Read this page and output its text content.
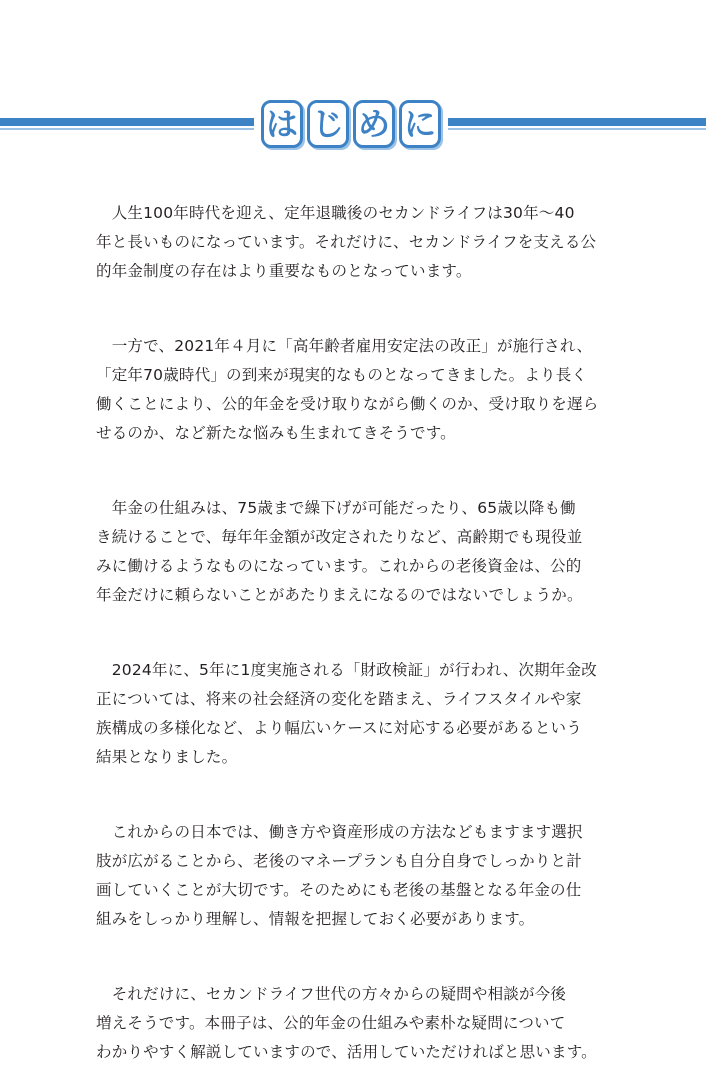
は じ め に

　人生100年時代を迎え、定年退職後のセカンドライフは30年～40
年と長いものになっています。それだけに、セカンドライフを支える公
的年金制度の存在はより重要なものとなっています。

　一方で、2021年４月に「高年齢者雇用安定法の改正」が施行され、
「定年70歳時代」の到来が現実的なものとなってきました。より長く
働くことにより、公的年金を受け取りながら働くのか、受け取りを遅ら
せるのか、など新たな悩みも生まれてきそうです。

　年金の仕組みは、75歳まで繰下げが可能だったり、65歳以降も働
き続けることで、毎年年金額が改定されたりなど、高齢期でも現役並
みに働けるようなものになっています。これからの老後資金は、公的
年金だけに頼らないことがあたりまえになるのではないでしょうか。

　2024年に、5年に1度実施される「財政検証」が行われ、次期年金改
正については、将来の社会経済の変化を踏まえ、ライフスタイルや家
族構成の多様化など、より幅広いケースに対応する必要があるという
結果となりました。

　これからの日本では、働き方や資産形成の方法などもますます選択
肢が広がることから、老後のマネープランも自分自身でしっかりと計
画していくことが大切です。そのためにも老後の基盤となる年金の仕
組みをしっかり理解し、情報を把握しておく必要があります。

　それだけに、セカンドライフ世代の方々からの疑問や相談が今後
増えそうです。本冊子は、公的年金の仕組みや素朴な疑問について
わかりやすく解説していますので、活用していただければと思います。
